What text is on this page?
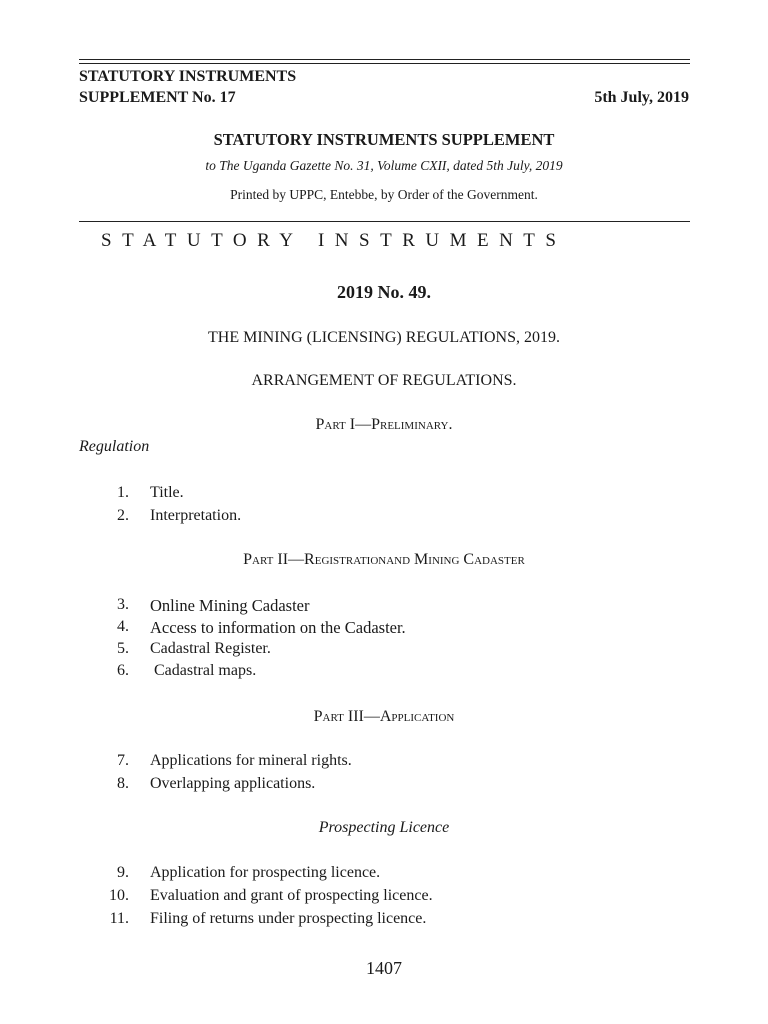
STATUTORY INSTRUMENTS
SUPPLEMENT No. 17	5th July, 2019
STATUTORY INSTRUMENTS SUPPLEMENT
to The Uganda Gazette No. 31, Volume CXII, dated 5th July, 2019
Printed by UPPC, Entebbe, by Order of the Government.
STATUTORY INSTRUMENTS
2019 No. 49.
THE MINING (LICENSING) REGULATIONS, 2019.
ARRANGEMENT OF REGULATIONS.
Part I—Preliminary.
Regulation
1. Title.
2. Interpretation.
Part II—Registrationand Mining Cadaster
3. Online Mining Cadaster
4. Access to information on the Cadaster.
5. Cadastral Register.
6. Cadastral maps.
Part III—Application
7. Applications for mineral rights.
8. Overlapping applications.
Prospecting Licence
9. Application for prospecting licence.
10. Evaluation and grant of prospecting licence.
11. Filing of returns under prospecting licence.
1407
